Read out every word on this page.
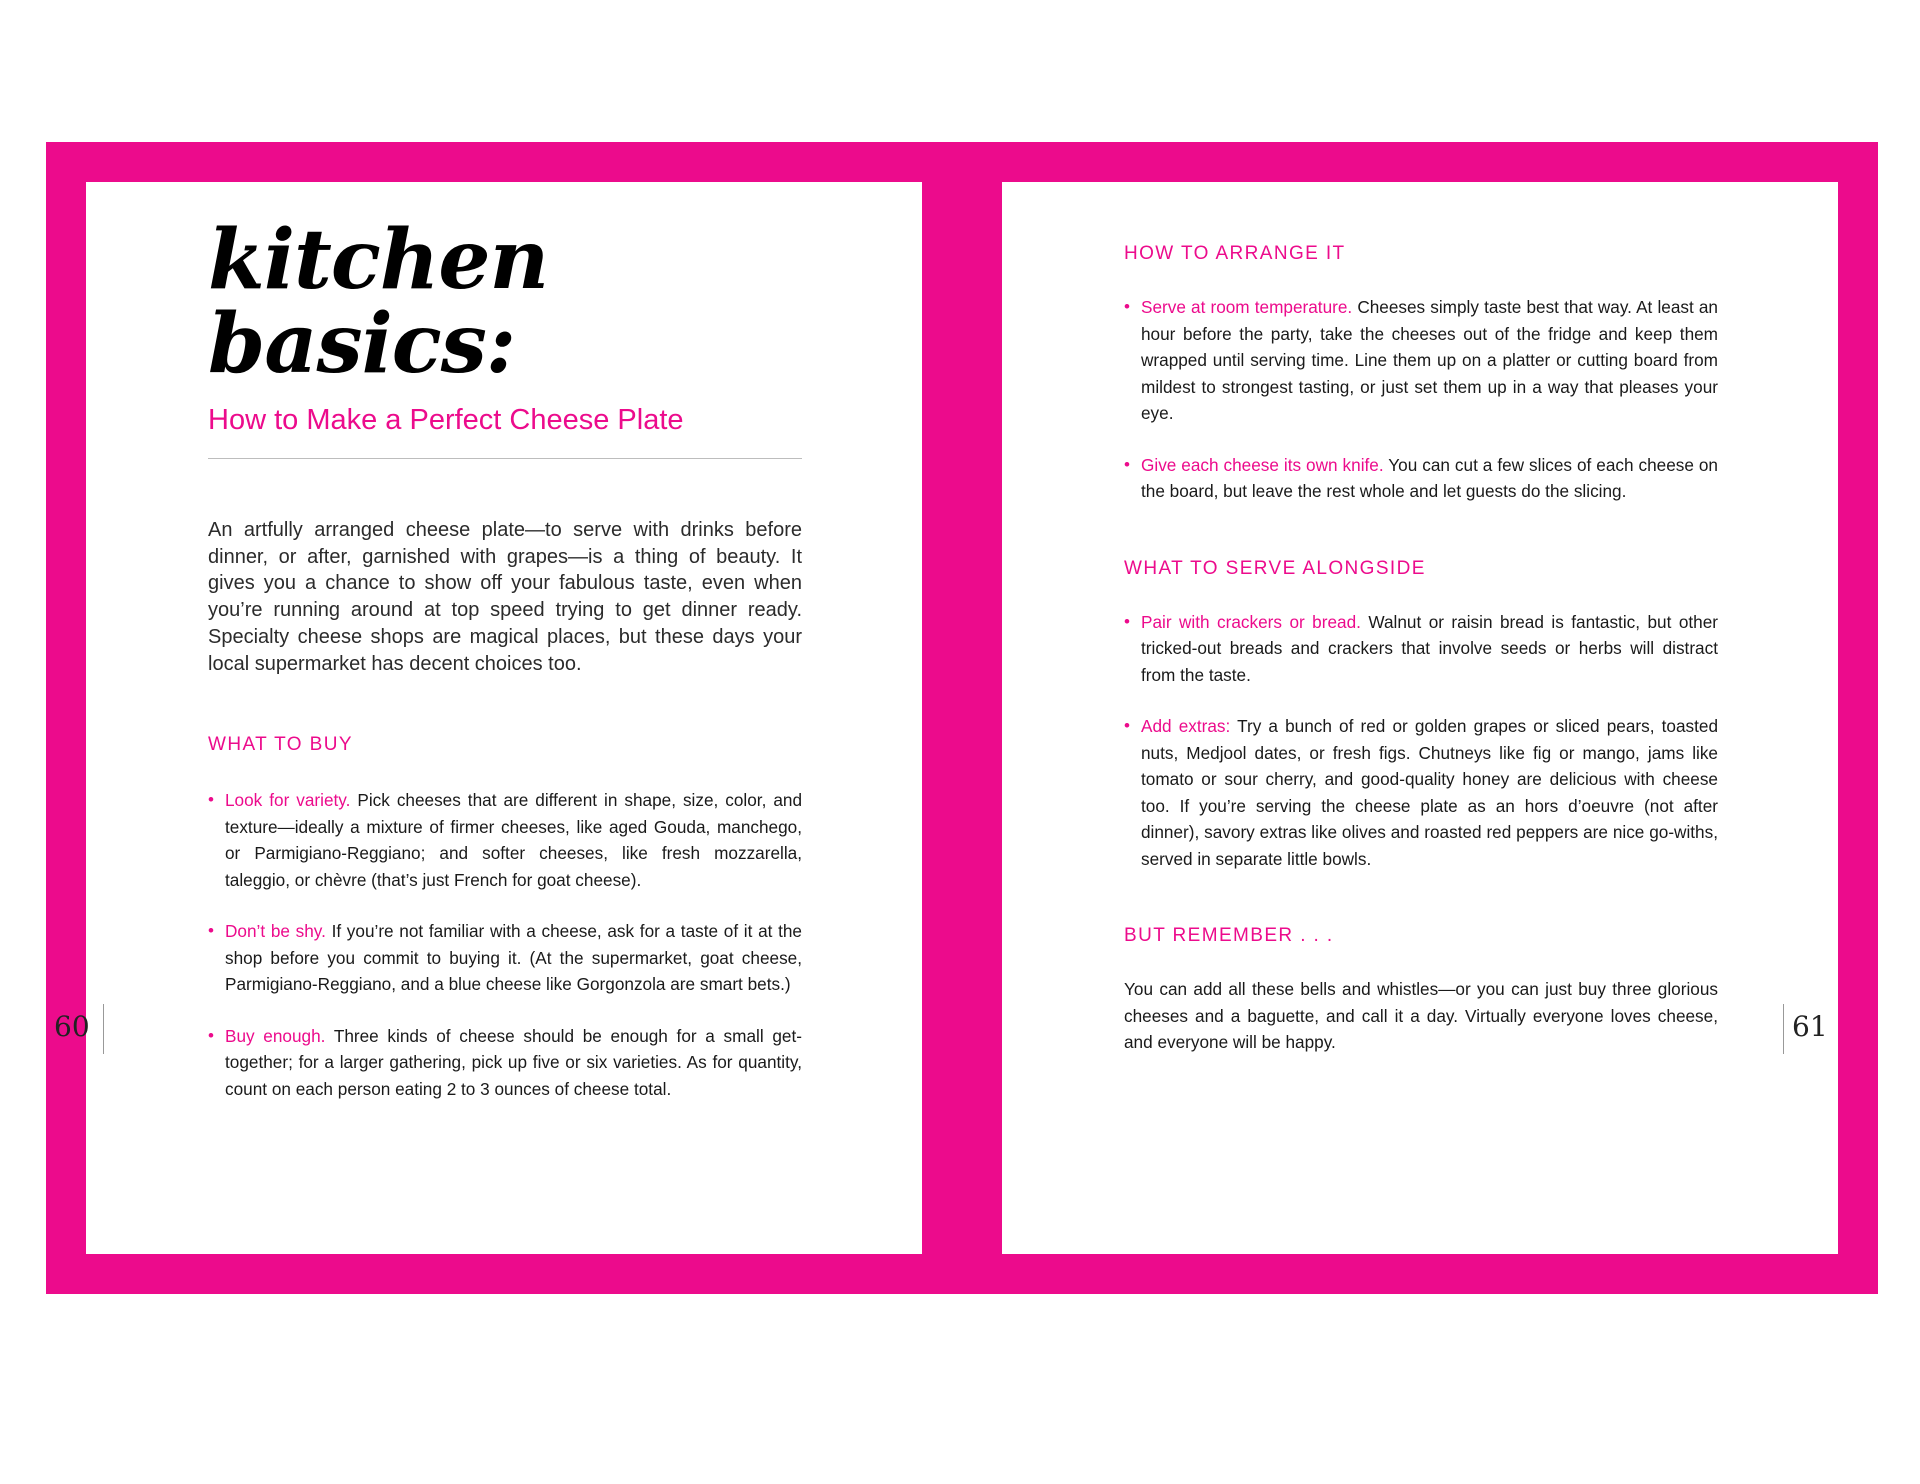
kitchen basics:
How to Make a Perfect Cheese Plate

An artfully arranged cheese plate—to serve with drinks before dinner, or after, garnished with grapes—is a thing of beauty. It gives you a chance to show off your fabulous taste, even when you’re running around at top speed trying to get dinner ready. Specialty cheese shops are magical places, but these days your local supermarket has decent choices too.

WHAT TO BUY
• Look for variety. Pick cheeses that are different in shape, size, color, and texture—ideally a mixture of firmer cheeses, like aged Gouda, manchego, or Parmigiano-Reggiano; and softer cheeses, like fresh mozzarella, taleggio, or chèvre (that’s just French for goat cheese).
• Don’t be shy. If you’re not familiar with a cheese, ask for a taste of it at the shop before you commit to buying it. (At the supermarket, goat cheese, Parmigiano-Reggiano, and a blue cheese like Gorgonzola are smart bets.)
• Buy enough. Three kinds of cheese should be enough for a small get-together; for a larger gathering, pick up five or six varieties. As for quantity, count on each person eating 2 to 3 ounces of cheese total.
HOW TO ARRANGE IT
• Serve at room temperature. Cheeses simply taste best that way. At least an hour before the party, take the cheeses out of the fridge and keep them wrapped until serving time. Line them up on a platter or cutting board from mildest to strongest tasting, or just set them up in a way that pleases your eye.
• Give each cheese its own knife. You can cut a few slices of each cheese on the board, but leave the rest whole and let guests do the slicing.
WHAT TO SERVE ALONGSIDE
• Pair with crackers or bread. Walnut or raisin bread is fantastic, but other tricked-out breads and crackers that involve seeds or herbs will distract from the taste.
• Add extras: Try a bunch of red or golden grapes or sliced pears, toasted nuts, Medjool dates, or fresh figs. Chutneys like fig or mango, jams like tomato or sour cherry, and good-quality honey are delicious with cheese too. If you’re serving the cheese plate as an hors d’oeuvre (not after dinner), savory extras like olives and roasted red peppers are nice go-withs, served in separate little bowls.
BUT REMEMBER . . .

You can add all these bells and whistles—or you can just buy three glorious cheeses and a baguette, and call it a day. Virtually everyone loves cheese, and everyone will be happy.

60	61
